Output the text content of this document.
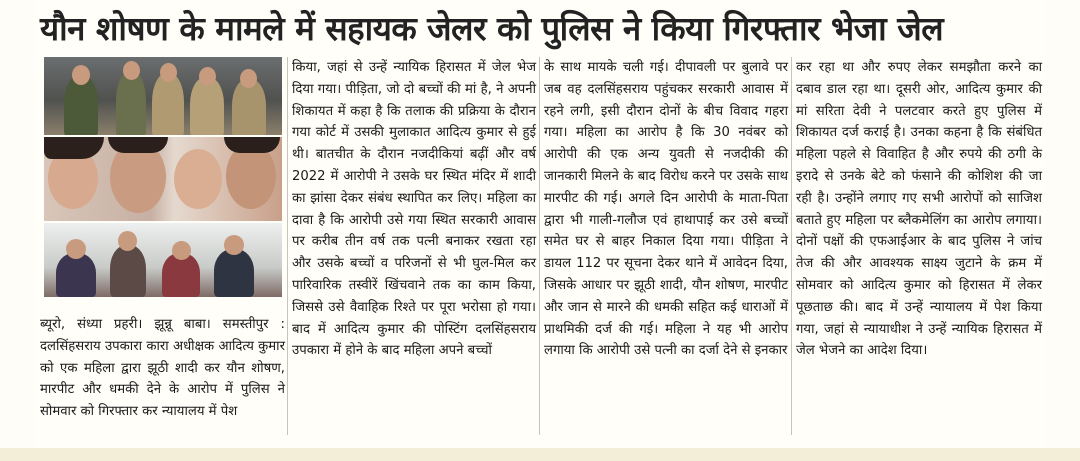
यौन शोषण के मामले में सहायक जेलर को पुलिस ने किया गिरफ्तार भेजा जेल

ब्यूरो, संध्या प्रहरी। झून्नू बाबा। समस्तीपुर : दलसिंहसराय उपकारा कारा अधीक्षक आदित्य कुमार को एक महिला द्वारा झूठी शादी कर यौन शोषण, मारपीट और धमकी देने के आरोप में पुलिस ने सोमवार को गिरफ्तार कर न्यायालय में पेश

किया, जहां से उन्हें न्यायिक हिरासत में जेल भेज दिया गया। पीड़िता, जो दो बच्चों की मां है, ने अपनी शिकायत में कहा है कि तलाक की प्रक्रिया के दौरान गया कोर्ट में उसकी मुलाकात आदित्य कुमार से हुई थी। बातचीत के दौरान नजदीकियां बढ़ीं और वर्ष 2022 में आरोपी ने उसके घर स्थित मंदिर में शादी का झांसा देकर संबंध स्थापित कर लिए। महिला का दावा है कि आरोपी उसे गया स्थित सरकारी आवास पर करीब तीन वर्ष तक पत्नी बनाकर रखता रहा और उसके बच्चों व परिजनों से भी घुल-मिल कर पारिवारिक तस्वीरें खिंचवाने तक का काम किया, जिससे उसे वैवाहिक रिश्ते पर पूरा भरोसा हो गया। बाद में आदित्य कुमार की पोस्टिंग दलसिंहसराय उपकारा में होने के बाद महिला अपने बच्चों

के साथ मायके चली गई। दीपावली पर बुलावे पर जब वह दलसिंहसराय पहुंचकर सरकारी आवास में रहने लगी, इसी दौरान दोनों के बीच विवाद गहरा गया। महिला का आरोप है कि 30 नवंबर को आरोपी की एक अन्य युवती से नजदीकी की जानकारी मिलने के बाद विरोध करने पर उसके साथ मारपीट की गई। अगले दिन आरोपी के माता-पिता द्वारा भी गाली-गलौज एवं हाथापाई कर उसे बच्चों समेत घर से बाहर निकाल दिया गया। पीड़िता ने डायल 112 पर सूचना देकर थाने में आवेदन दिया, जिसके आधार पर झूठी शादी, यौन शोषण, मारपीट और जान से मारने की धमकी सहित कई धाराओं में प्राथमिकी दर्ज की गई। महिला ने यह भी आरोप लगाया कि आरोपी उसे पत्नी का दर्जा देने से इनकार

कर रहा था और रुपए लेकर समझौता करने का दबाव डाल रहा था। दूसरी ओर, आदित्य कुमार की मां सरिता देवी ने पलटवार करते हुए पुलिस में शिकायत दर्ज कराई है। उनका कहना है कि संबंधित महिला पहले से विवाहित है और रुपये की ठगी के इरादे से उनके बेटे को फंसाने की कोशिश की जा रही है। उन्होंने लगाए गए सभी आरोपों को साजिश बताते हुए महिला पर ब्लैकमेलिंग का आरोप लगाया। दोनों पक्षों की एफआईआर के बाद पुलिस ने जांच तेज की और आवश्यक साक्ष्य जुटाने के क्रम में सोमवार को आदित्य कुमार को हिरासत में लेकर पूछताछ की। बाद में उन्हें न्यायालय में पेश किया गया, जहां से न्यायाधीश ने उन्हें न्यायिक हिरासत में जेल भेजने का आदेश दिया।
